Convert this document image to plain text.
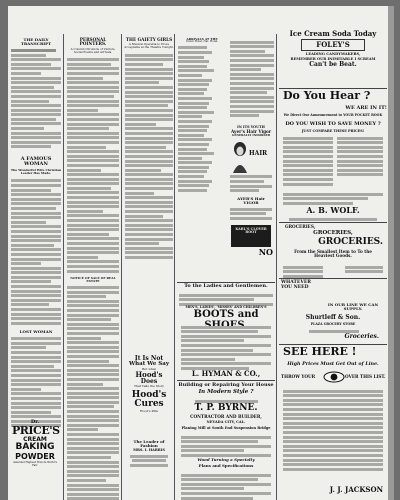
THE DAILY TRANSCRIPT
A FAMOUS WOMAN
The Wonderful Wife Christian Leader Has Made.
LOST WOMAN
Dr.
PRICE'S
CREAM
BAKING
POWDER
Awarded Highest Honors World's Fair.
PERSONAL POINTERS.
A Column Chronicle of Visitors, Social Events and Arrivals.
NOTICE OF SALE OF REAL ESTATE
THE GAIETY GIRLS
A Musical Operetta to Prove Acceptable at the Theatre Tonight.
It Is Not
What We Say
But what
Hood's
Does
That Tells the Story
Hood's
Cures
Hood's Pills
The Leader of Fashion
MRS. I. HARRIS
ARRIVALS AT THE
Union Hotel, Nat. Hotel.
IN ITS YOUTH
Ayer's Hair Vigor
GENERALLY INDORSED
HAIR
AYER'S Hair VIGOR
KARL'S CLOVER ROOT
NO
To the Ladies and Gentlemen.
MEN'S, LADIES', 'MISSES' AND CHILDREN'S
BOOTS and
L. HYMAN & CO.,
Building or Repairing Your House
In Modern Style ?
T. P. BYRNE.
CONTRACTOR AND BUILDER,
NEVADA CITY, CAL.
Planing Mill at South End Suspension Bridge
Wood Turning a Specialty
Plans and Specifications
Ice Cream Soda Today
FOLEY'S
LEADING CANDYMAKERS,
REMEMBER OUR INIMITABLE I SCREAM
Can't be Beat.
Do You Hear ?
WE ARE IN IT!
We Direct Our Announcement to YOUR POCKET BOOK
DO YOU WISH TO SAVE MONEY ?
JUST COMPARE THESE PRICES!
A. B. WOLF.
GROCERIES,
GROCERIES,
GROCERIES.
From the Smallest Item to To the Heaviest Goods.
WHATEVER YOU NEED
IN OUR LINE WE CAN SUPPLY.
Shurtleff & Son.
PLAZA GROCERY STORE
Groceries.
SEE HERE !
High Prices Must Get Out of Line.
THROW YOUR	OVER THIS LIST.
J. J. JACKSON
